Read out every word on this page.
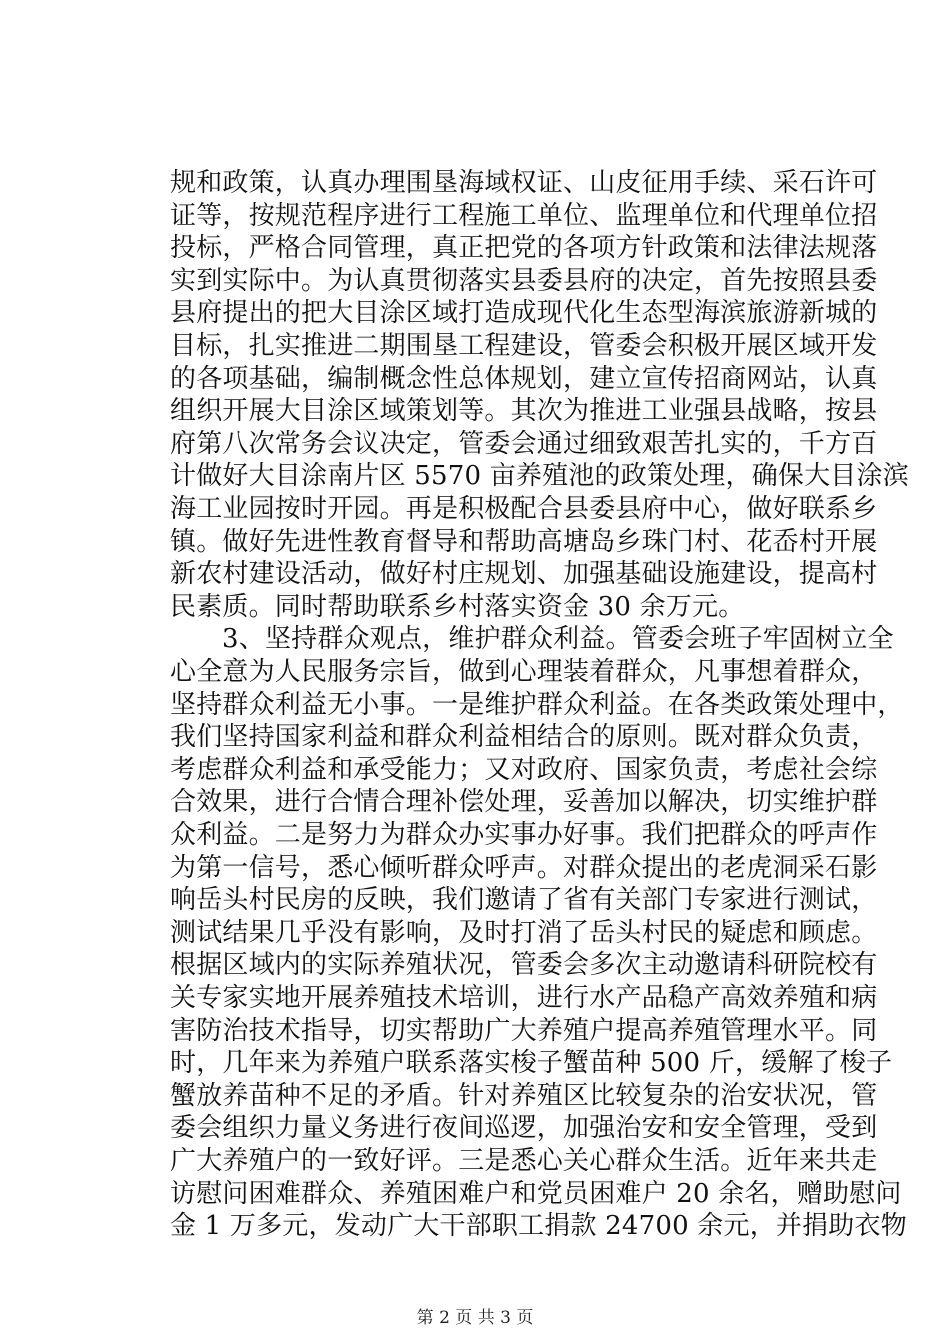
规和政策，认真办理围垦海域权证、山皮征用手续、采石许可
证等，按规范程序进行工程施工单位、监理单位和代理单位招
投标，严格合同管理，真正把党的各项方针政策和法律法规落
实到实际中。为认真贯彻落实县委县府的决定，首先按照县委
县府提出的把大目涂区域打造成现代化生态型海滨旅游新城的
目标，扎实推进二期围垦工程建设，管委会积极开展区域开发
的各项基础，编制概念性总体规划，建立宣传招商网站，认真
组织开展大目涂区域策划等。其次为推进工业强县战略，按县
府第八次常务会议决定，管委会通过细致艰苦扎实的，千方百
计做好大目涂南片区 5570 亩养殖池的政策处理，确保大目涂滨
海工业园按时开园。再是积极配合县委县府中心，做好联系乡
镇。做好先进性教育督导和帮助高塘岛乡珠门村、花岙村开展
新农村建设活动，做好村庄规划、加强基础设施建设，提高村
民素质。同时帮助联系乡村落实资金 30 余万元。
3、坚持群众观点，维护群众利益。管委会班子牢固树立全
心全意为人民服务宗旨，做到心理装着群众，凡事想着群众，
坚持群众利益无小事。一是维护群众利益。在各类政策处理中，
我们坚持国家利益和群众利益相结合的原则。既对群众负责，
考虑群众利益和承受能力；又对政府、国家负责，考虑社会综
合效果，进行合情合理补偿处理，妥善加以解决，切实维护群
众利益。二是努力为群众办实事办好事。我们把群众的呼声作
为第一信号，悉心倾听群众呼声。对群众提出的老虎洞采石影
响岳头村民房的反映，我们邀请了省有关部门专家进行测试，
测试结果几乎没有影响，及时打消了岳头村民的疑虑和顾虑。
根据区域内的实际养殖状况，管委会多次主动邀请科研院校有
关专家实地开展养殖技术培训，进行水产品稳产高效养殖和病
害防治技术指导，切实帮助广大养殖户提高养殖管理水平。同
时，几年来为养殖户联系落实梭子蟹苗种 500 斤，缓解了梭子
蟹放养苗种不足的矛盾。针对养殖区比较复杂的治安状况，管
委会组织力量义务进行夜间巡逻，加强治安和安全管理，受到
广大养殖户的一致好评。三是悉心关心群众生活。近年来共走
访慰问困难群众、养殖困难户和党员困难户 20 余名，赠助慰问
金 1 万多元，发动广大干部职工捐款 24700 余元，并捐助衣物
第 2 页 共 3 页
